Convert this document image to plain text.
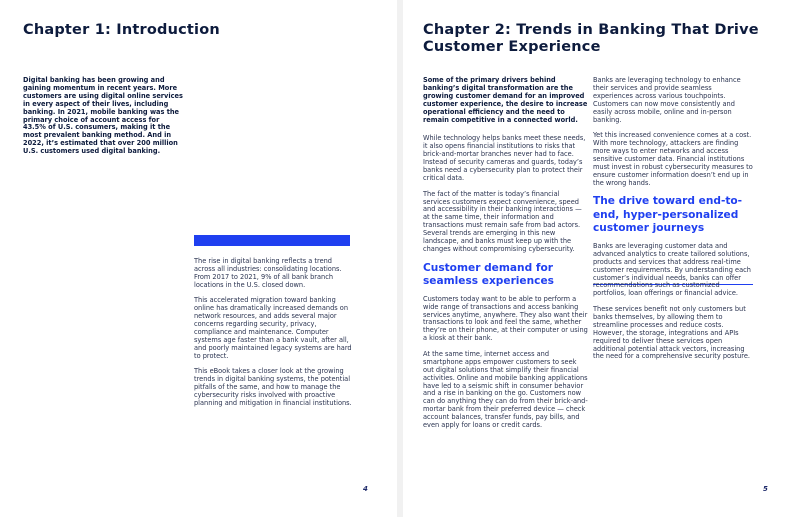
Chapter 1: Introduction

Digital banking has been growing and gaining momentum in recent years. More customers are using digital online services in every aspect of their lives, including banking. In 2021, mobile banking was the primary choice of account access for 43.5% of U.S. consumers, making it the most prevalent banking method. And in 2022, it’s estimated that over 200 million U.S. customers used digital banking.

The rise in digital banking reflects a trend across all industries: consolidating locations. From 2017 to 2021, 9% of all bank branch locations in the U.S. closed down.

This accelerated migration toward banking online has dramatically increased demands on network resources, and adds several major concerns regarding security, privacy, compliance and maintenance. Computer systems age faster than a bank vault, after all, and poorly maintained legacy systems are hard to protect.

This eBook takes a closer look at the growing trends in digital banking systems, the potential pitfalls of the same, and how to manage the cybersecurity risks involved with proactive planning and mitigation in financial institutions.

4
Chapter 2: Trends in Banking That Drive Customer Experience

Some of the primary drivers behind banking’s digital transformation are the growing customer demand for an improved customer experience, the desire to increase operational efficiency and the need to remain competitive in a connected world.

While technology helps banks meet these needs, it also opens financial institutions to risks that brick-and-mortar branches never had to face. Instead of security cameras and guards, today’s banks need a cybersecurity plan to protect their critical data.

The fact of the matter is today’s financial services customers expect convenience, speed and accessibility in their banking interactions — at the same time, their information and transactions must remain safe from bad actors. Several trends are emerging in this new landscape, and banks must keep up with the changes without compromising cybersecurity.

Customer demand for seamless experiences

Customers today want to be able to perform a wide range of transactions and access banking services anytime, anywhere. They also want their transactions to look and feel the same, whether they’re on their phone, at their computer or using a kiosk at their bank.

At the same time, internet access and smartphone apps empower customers to seek out digital solutions that simplify their financial activities. Online and mobile banking applications have led to a seismic shift in consumer behavior and a rise in banking on the go. Customers now can do anything they can do from their brick-and-mortar bank from their preferred device — check account balances, transfer funds, pay bills, and even apply for loans or credit cards.

Banks are leveraging technology to enhance their services and provide seamless experiences across various touchpoints. Customers can now move consistently and easily across mobile, online and in-person banking.

Yet this increased convenience comes at a cost. With more technology, attackers are finding more ways to enter networks and access sensitive customer data. Financial institutions must invest in robust cybersecurity measures to ensure customer information doesn’t end up in the wrong hands.

The drive toward end-to-end, hyper-personalized customer journeys

Banks are leveraging customer data and advanced analytics to create tailored solutions, products and services that address real-time customer requirements. By understanding each customer’s individual needs, banks can offer recommendations such as customized portfolios, loan offerings or financial advice.

These services benefit not only customers but banks themselves, by allowing them to streamline processes and reduce costs. However, the storage, integrations and APIs required to deliver these services open additional potential attack vectors, increasing the need for a comprehensive security posture.

5
